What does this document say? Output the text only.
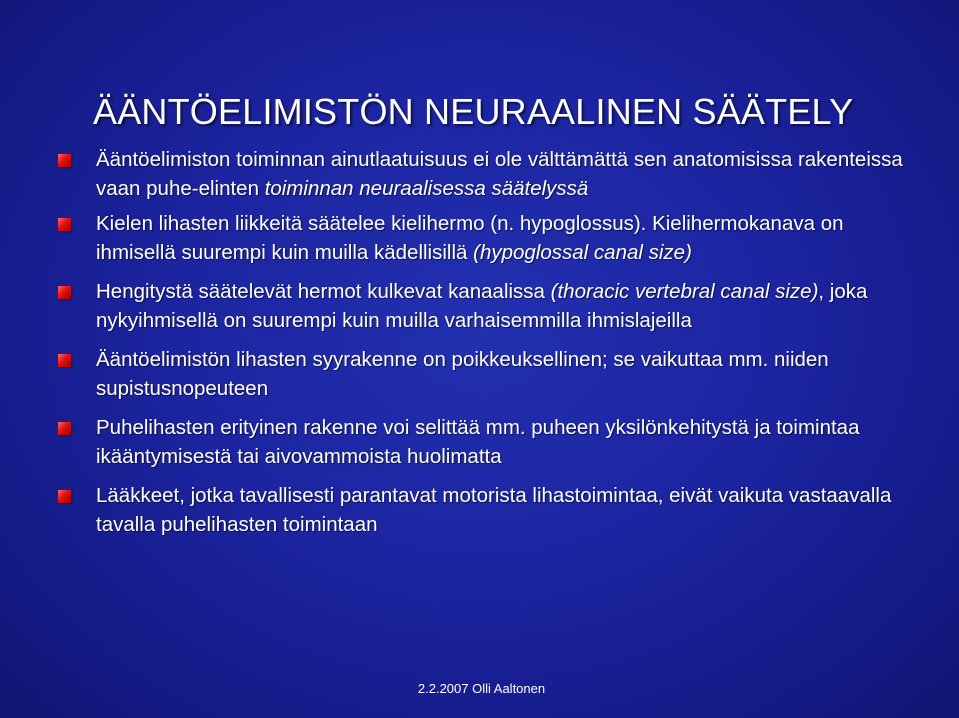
ÄÄNTÖELIMISTÖN NEURAALINEN SÄÄTELY
Ääntöelimiston toiminnan ainutlaatuisuus ei ole välttämättä sen anatomisissa rakenteissa vaan puhe-elinten toiminnan neuraalisessa säätelyssä
Kielen lihasten liikkeitä säätelee kielihermo (n. hypoglossus). Kielihermokanava on ihmisellä suurempi kuin muilla kädellisillä (hypoglossal canal size)
Hengitystä säätelevät hermot kulkevat kanaalissa (thoracic vertebral canal size), joka nykyihmisellä on suurempi kuin muilla varhaisemmilla ihmislajeilla
Ääntöelimistön lihasten syyrakenne on poikkeuksellinen; se vaikuttaa mm. niiden supistusnopeuteen
Puhelihasten erityinen rakenne voi selittää mm. puheen yksilönkehitystä ja toimintaa ikääntymisestä tai aivovammoista huolimatta
Lääkkeet, jotka tavallisesti parantavat motorista lihastoimintaa, eivät vaikuta vastaavalla tavalla puhelihasten toimintaan
2.2.2007 Olli Aaltonen
